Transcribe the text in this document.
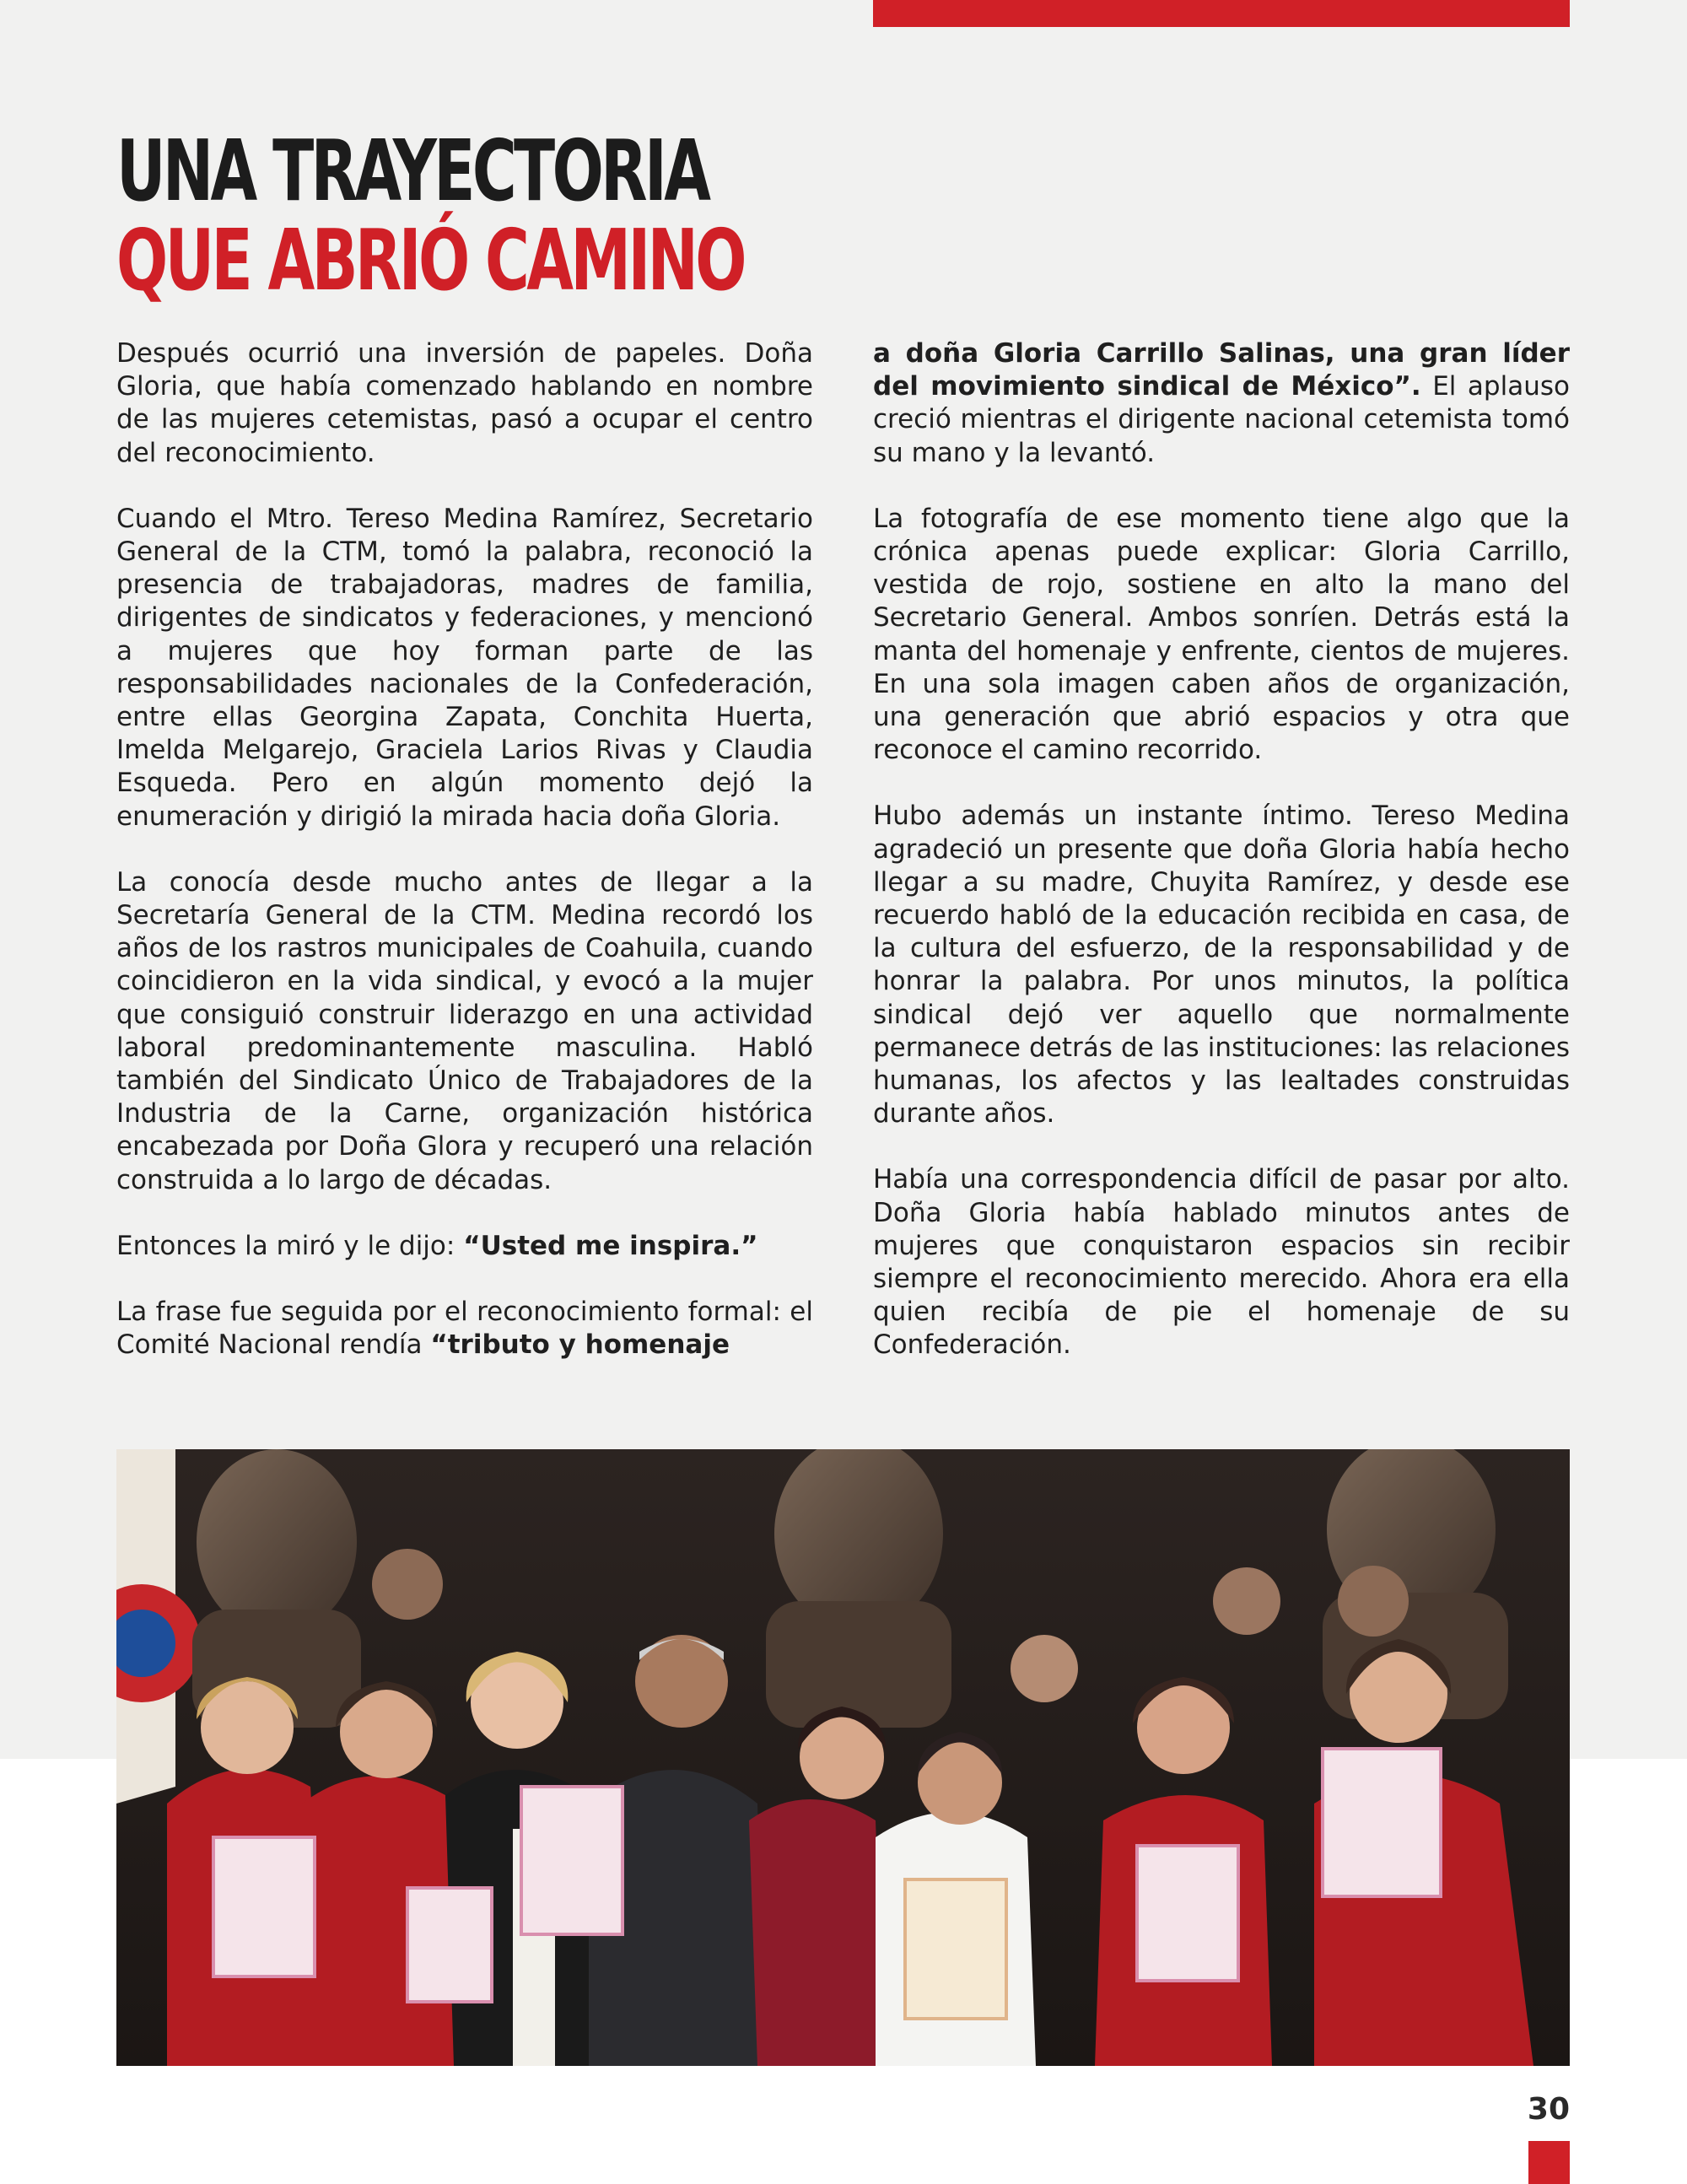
UNA TRAYECTORIA
QUE ABRIÓ CAMINO

Después ocurrió una inversión de papeles. Doña Gloria, que había comenzado hablando en nombre de las mujeres cetemistas, pasó a ocupar el centro del reconocimiento.

Cuando el Mtro. Tereso Medina Ramírez, Secretario General de la CTM, tomó la palabra, reconoció la presencia de trabajadoras, madres de familia, dirigentes de sindicatos y federaciones, y mencionó a mujeres que hoy forman parte de las responsabilidades nacionales de la Confederación, entre ellas Georgina Zapata, Conchita Huerta, Imelda Melgarejo, Graciela Larios Rivas y Claudia Esqueda. Pero en algún momento dejó la enumeración y dirigió la mirada hacia doña Gloria.

La conocía desde mucho antes de llegar a la Secretaría General de la CTM. Medina recordó los años de los rastros municipales de Coahuila, cuando coincidieron en la vida sindical, y evocó a la mujer que consiguió construir liderazgo en una actividad laboral predominantemente masculina. Habló también del Sindicato Único de Trabajadores de la Industria de la Carne, organización histórica encabezada por Doña Glora y recuperó una relación construida a lo largo de décadas.

Entonces la miró y le dijo: “Usted me inspira.”

La frase fue seguida por el reconocimiento formal: el Comité Nacional rendía “tributo y homenaje

a doña Gloria Carrillo Salinas, una gran líder del movimiento sindical de México”. El aplauso creció mientras el dirigente nacional cetemista tomó su mano y la levantó.

La fotografía de ese momento tiene algo que la crónica apenas puede explicar: Gloria Carrillo, vestida de rojo, sostiene en alto la mano del Secretario General. Ambos sonríen. Detrás está la manta del homenaje y enfrente, cientos de mujeres. En una sola imagen caben años de organización, una generación que abrió espacios y otra que reconoce el camino recorrido.

Hubo además un instante íntimo. Tereso Medina agradeció un presente que doña Gloria había hecho llegar a su madre, Chuyita Ramírez, y desde ese recuerdo habló de la educación recibida en casa, de la cultura del esfuerzo, de la responsabilidad y de honrar la palabra. Por unos minutos, la política sindical dejó ver aquello que normalmente permanece detrás de las instituciones: las relaciones humanas, los afectos y las lealtades construidas durante años.

Había una correspondencia difícil de pasar por alto. Doña Gloria había hablado minutos antes de mujeres que conquistaron espacios sin recibir siempre el reconocimiento merecido. Ahora era ella quien recibía de pie el homenaje de su Confederación.

30
